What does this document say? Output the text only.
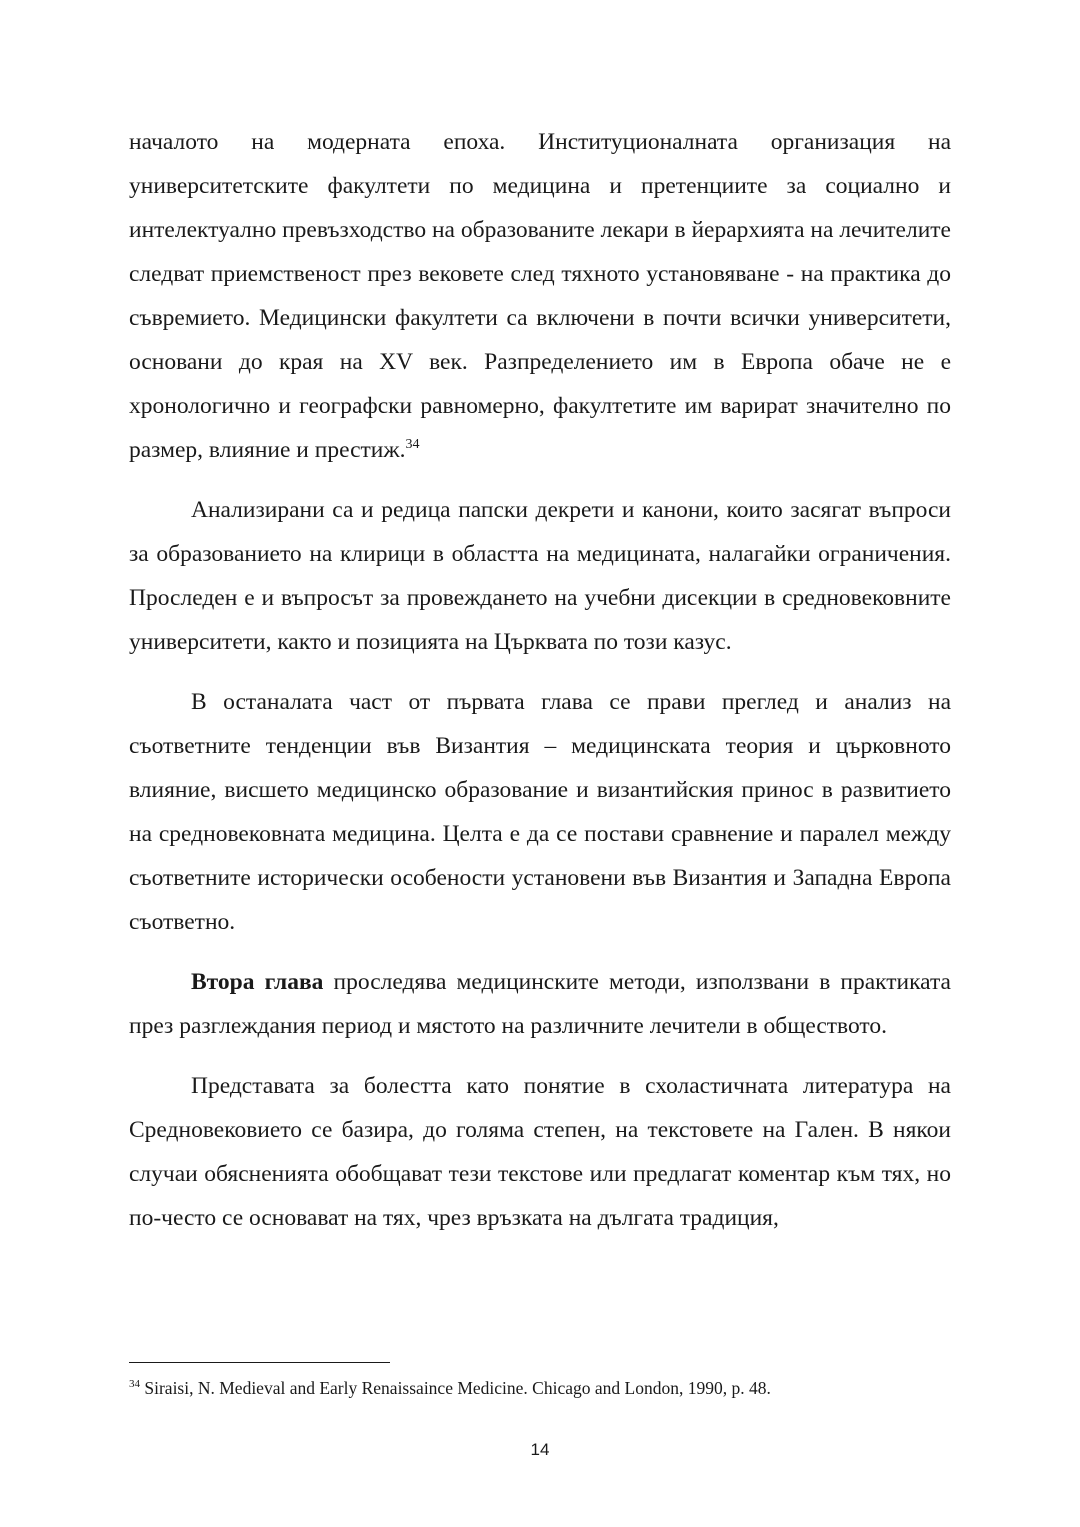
началото на модерната епоха. Институционалната организация на университетските факултети по медицина и претенциите за социално и интелектуално превъзходство на образованите лекари в йерархията на лечителите следват приемственост през вековете след тяхното установяване - на практика до съвремието. Медицински факултети са включени в почти всички университети, основани до края на XV век. Разпределението им в Европа обаче не е хронологично и географски равномерно, факултетите им варират значително по размер, влияние и престиж.$^{34}$

Анализирани са и редица папски декрети и канони, които засягат въпроси за образованието на клирици в областта на медицината, налагайки ограничения. Проследен е и въпросът за провеждането на учебни дисекции в средновековните университети, както и позицията на Църквата по този казус.

В останалата част от първата глава се прави преглед и анализ на съответните тенденции във Византия – медицинската теория и църковното влияние, висшето медицинско образование и византийския принос в развитието на средновековната медицина. Целта е да се постави сравнение и паралел между съответните исторически особености установени във Византия и Западна Европа съответно.

Втора глава проследява медицинските методи, използвани в практиката през разглеждания период и мястото на различните лечители в обществото.

Представата за болестта като понятие в схоластичната литература на Средновековието се базира, до голяма степен, на текстовете на Гален. В някои случаи обясненията обобщават тези текстове или предлагат коментар към тях, но по-често се основават на тях, чрез връзката на дългата традиция,

$^{34}$ Siraisi, N. Medieval and Early Renaissaince Medicine. Chicago and London, 1990, p. 48.
14
